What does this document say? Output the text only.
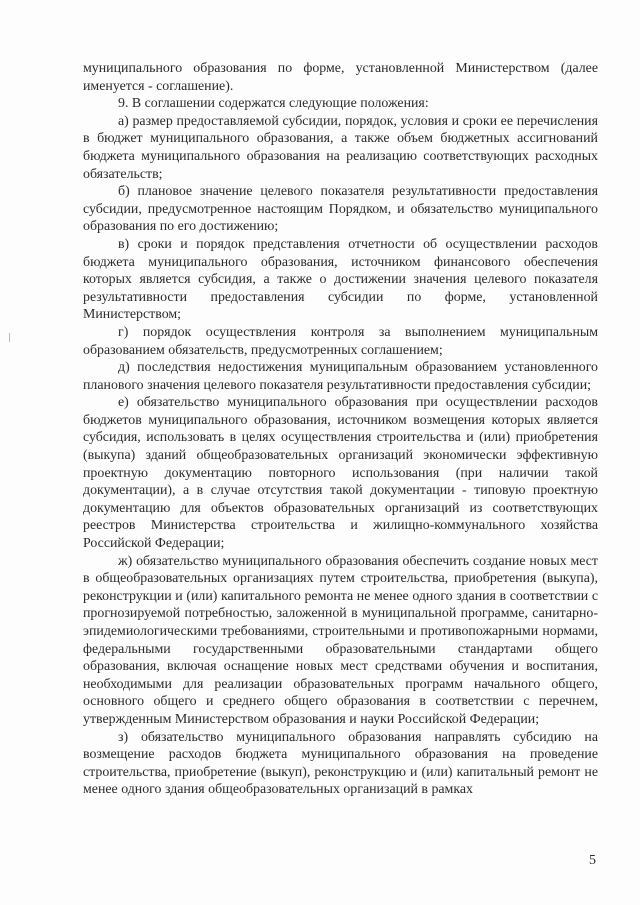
муниципального образования по форме, установленной Министерством (далее именуется - соглашение).

9. В соглашении содержатся следующие положения:

а) размер предоставляемой субсидии, порядок, условия и сроки ее перечисления в бюджет муниципального образования, а также объем бюджетных ассигнований бюджета муниципального образования на реализацию соответствующих расходных обязательств;

б) плановое значение целевого показателя результативности предоставления субсидии, предусмотренное настоящим Порядком, и обязательство муниципального образования по его достижению;

в) сроки и порядок представления отчетности об осуществлении расходов бюджета муниципального образования, источником финансового обеспечения которых является субсидия, а также о достижении значения целевого показателя результативности предоставления субсидии по форме, установленной Министерством;

г) порядок осуществления контроля за выполнением муниципальным образованием обязательств, предусмотренных соглашением;

д) последствия недостижения муниципальным образованием установленного планового значения целевого показателя результативности предоставления субсидии;

е) обязательство муниципального образования при осуществлении расходов бюджетов муниципального образования, источником возмещения которых является субсидия, использовать в целях осуществления строительства и (или) приобретения (выкупа) зданий общеобразовательных организаций экономически эффективную проектную документацию повторного использования (при наличии такой документации), а в случае отсутствия такой документации - типовую проектную документацию для объектов образовательных организаций из соответствующих реестров Министерства строительства и жилищно-коммунального хозяйства Российской Федерации;

ж) обязательство муниципального образования обеспечить создание новых мест в общеобразовательных организациях путем строительства, приобретения (выкупа), реконструкции и (или) капитального ремонта не менее одного здания в соответствии с прогнозируемой потребностью, заложенной в муниципальной программе, санитарно-эпидемиологическими требованиями, строительными и противопожарными нормами, федеральными государственными образовательными стандартами общего образования, включая оснащение новых мест средствами обучения и воспитания, необходимыми для реализации образовательных программ начального общего, основного общего и среднего общего образования в соответствии с перечнем, утвержденным Министерством образования и науки Российской Федерации;

з) обязательство муниципального образования направлять субсидию на возмещение расходов бюджета муниципального образования на проведение строительства, приобретение (выкуп), реконструкцию и (или) капитальный ремонт не менее одного здания общеобразовательных организаций в рамках

5
